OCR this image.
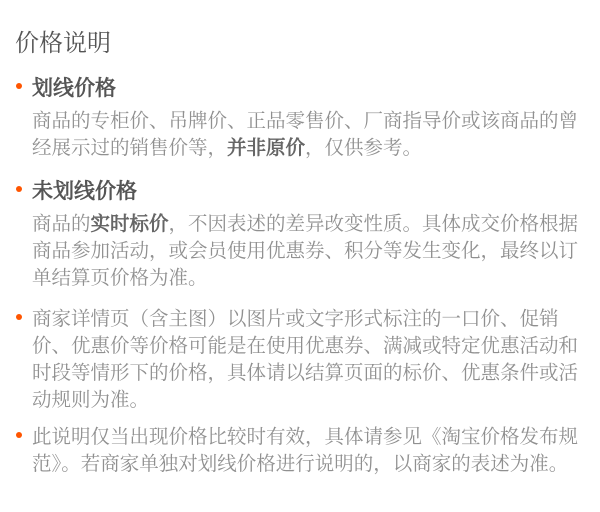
价格说明
划线价格

商品的专柜价、吊牌价、正品零售价、厂商指导价或该商品的曾经展示过的销售价等，并非原价，仅供参考。

未划线价格

商品的实时标价，不因表述的差异改变性质。具体成交价格根据商品参加活动，或会员使用优惠券、积分等发生变化，最终以订单结算页价格为准。

商家详情页（含主图）以图片或文字形式标注的一口价、促销价、优惠价等价格可能是在使用优惠券、满减或特定优惠活动和时段等情形下的价格，具体请以结算页面的标价、优惠条件或活动规则为准。

此说明仅当出现价格比较时有效，具体请参见《淘宝价格发布规范》。若商家单独对划线价格进行说明的，以商家的表述为准。
